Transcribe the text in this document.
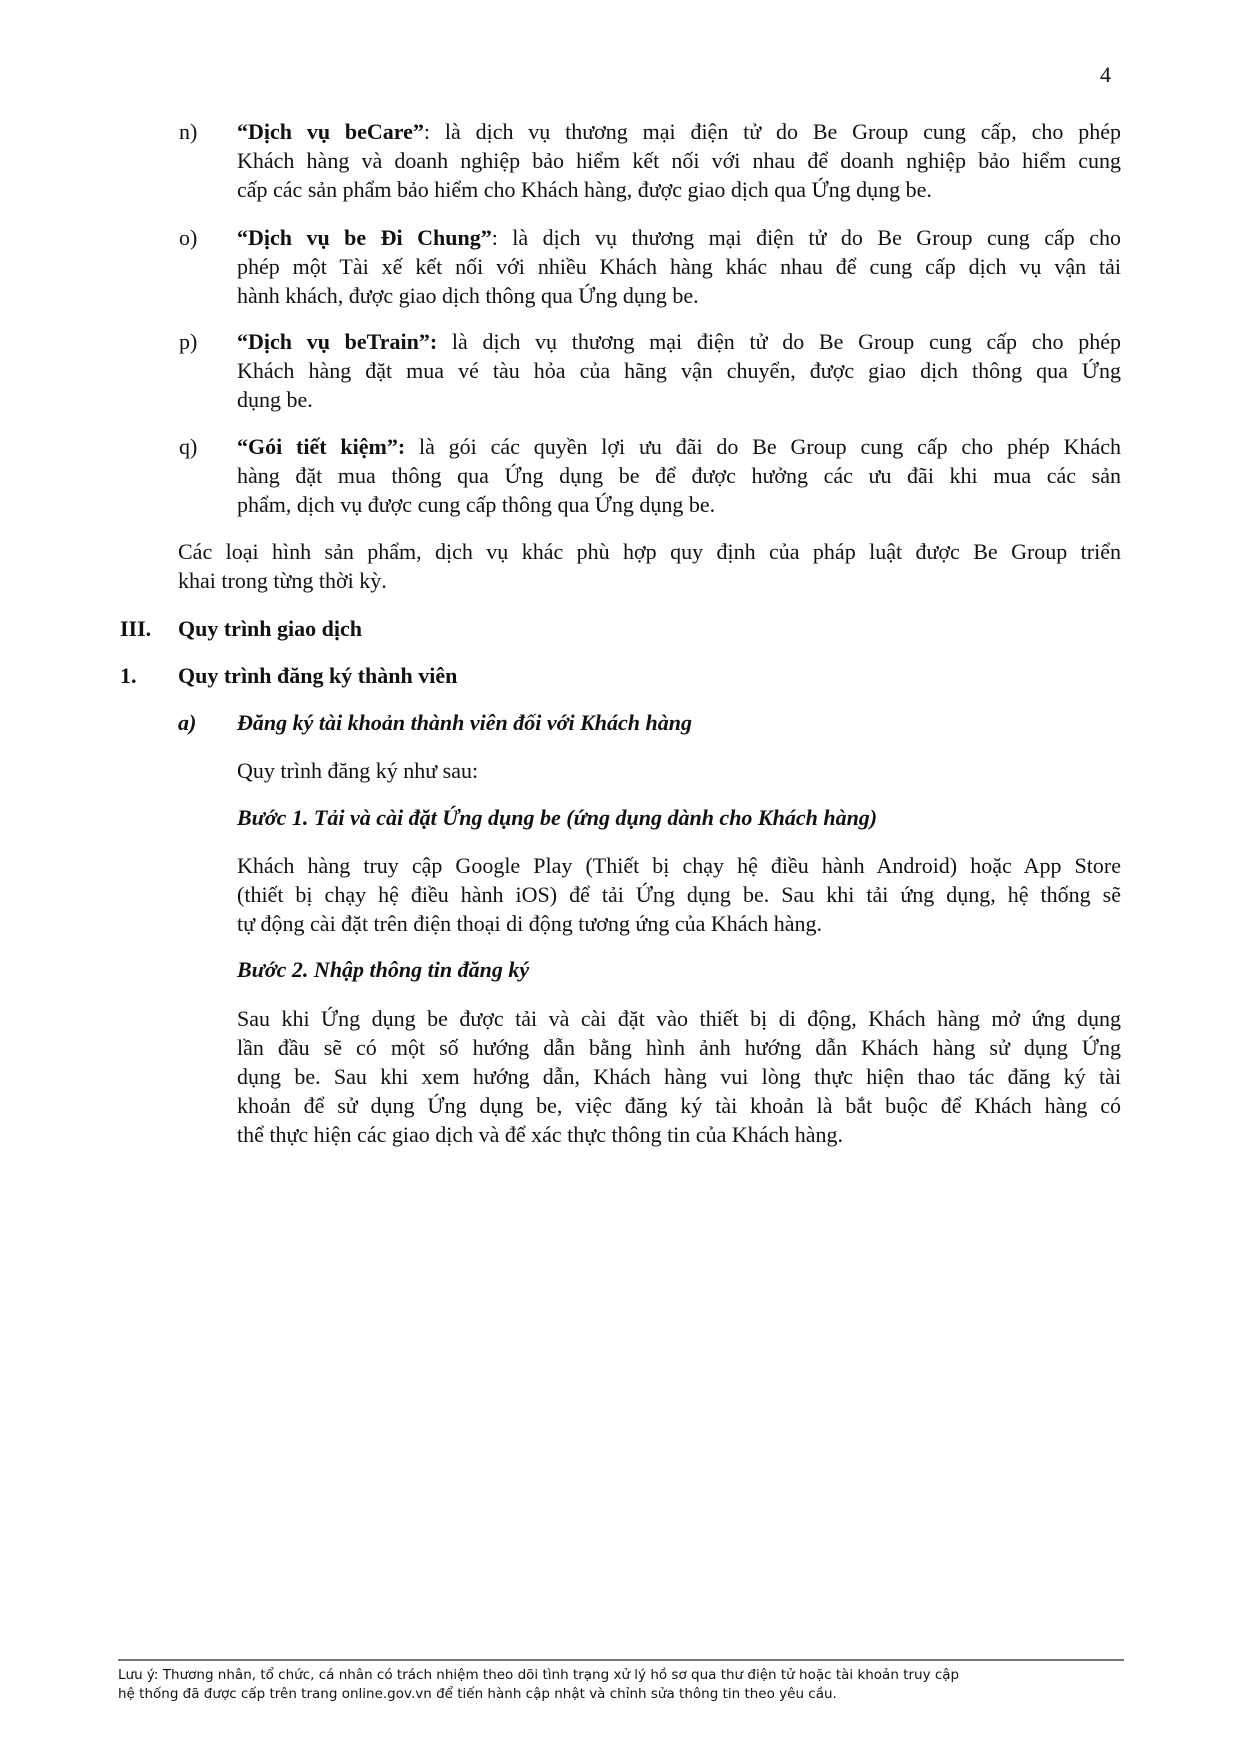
4
n) “Dịch vụ beCare”: là dịch vụ thương mại điện tử do Be Group cung cấp, cho phép
Khách hàng và doanh nghiệp bảo hiểm kết nối với nhau để doanh nghiệp bảo hiểm cung
cấp các sản phẩm bảo hiểm cho Khách hàng, được giao dịch qua Ứng dụng be.
o) “Dịch vụ be Đi Chung”: là dịch vụ thương mại điện tử do Be Group cung cấp cho
phép một Tài xế kết nối với nhiều Khách hàng khác nhau để cung cấp dịch vụ vận tải
hành khách, được giao dịch thông qua Ứng dụng be.
p) “Dịch vụ beTrain”: là dịch vụ thương mại điện tử do Be Group cung cấp cho phép
Khách hàng đặt mua vé tàu hỏa của hãng vận chuyển, được giao dịch thông qua Ứng
dụng be.
q) “Gói tiết kiệm”: là gói các quyền lợi ưu đãi do Be Group cung cấp cho phép Khách
hàng đặt mua thông qua Ứng dụng be để được hưởng các ưu đãi khi mua các sản
phẩm, dịch vụ được cung cấp thông qua Ứng dụng be.
Các loại hình sản phẩm, dịch vụ khác phù hợp quy định của pháp luật được Be Group triển
khai trong từng thời kỳ.
III. Quy trình giao dịch
1. Quy trình đăng ký thành viên
a) Đăng ký tài khoản thành viên đối với Khách hàng
Quy trình đăng ký như sau:
Bước 1. Tải và cài đặt Ứng dụng be (ứng dụng dành cho Khách hàng)
Khách hàng truy cập Google Play (Thiết bị chạy hệ điều hành Android) hoặc App Store
(thiết bị chạy hệ điều hành iOS) để tải Ứng dụng be. Sau khi tải ứng dụng, hệ thống sẽ
tự động cài đặt trên điện thoại di động tương ứng của Khách hàng.
Bước 2. Nhập thông tin đăng ký
Sau khi Ứng dụng be được tải và cài đặt vào thiết bị di động, Khách hàng mở ứng dụng
lần đầu sẽ có một số hướng dẫn bằng hình ảnh hướng dẫn Khách hàng sử dụng Ứng
dụng be. Sau khi xem hướng dẫn, Khách hàng vui lòng thực hiện thao tác đăng ký tài
khoản để sử dụng Ứng dụng be, việc đăng ký tài khoản là bắt buộc để Khách hàng có
thể thực hiện các giao dịch và để xác thực thông tin của Khách hàng.
Lưu ý: Thương nhân, tổ chức, cá nhân có trách nhiệm theo dõi tình trạng xử lý hồ sơ qua thư điện tử hoặc tài khoản truy cập
hệ thống đã được cấp trên trang online.gov.vn để tiến hành cập nhật và chỉnh sửa thông tin theo yêu cầu.
